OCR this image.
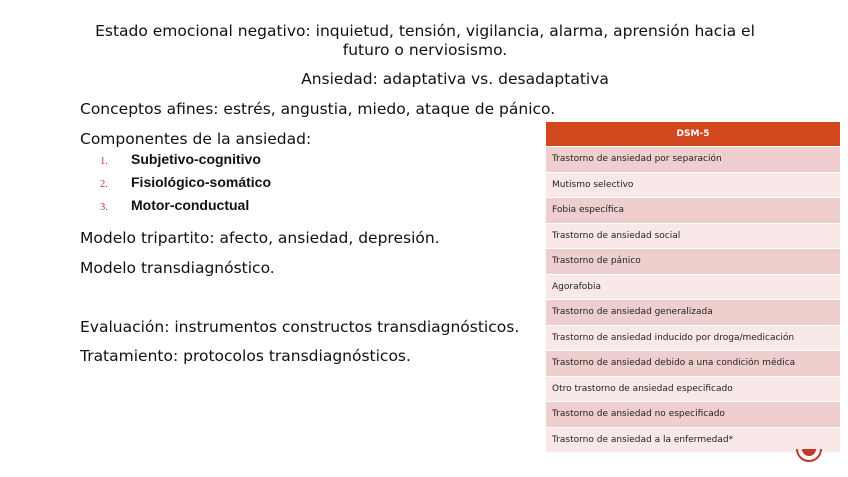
Estado emocional negativo: inquietud, tensión, vigilancia, alarma, aprensión hacia el
futuro o nerviosismo.
Ansiedad: adaptativa vs. desadaptativa
Conceptos afines: estrés, angustia, miedo, ataque de pánico.
Componentes de la ansiedad:
1.	Subjetivo-cognitivo
2.	Fisiológico-somático
3.	Motor-conductual
Modelo tripartito: afecto, ansiedad, depresión.
Modelo transdiagnóstico.
Evaluación: instrumentos constructos transdiagnósticos.
Tratamiento: protocolos transdiagnósticos.
DSM-5
Trastorno de ansiedad por separación
Mutismo selectivo
Fobia específica
Trastorno de ansiedad social
Trastorno de pánico
Agorafobia
Trastorno de ansiedad generalizada
Trastorno de ansiedad inducido por droga/medicación
Trastorno de ansiedad debido a una condición médica
Otro trastorno de ansiedad especificado
Trastorno de ansiedad no especificado
Trastorno de ansiedad a la enfermedad*
